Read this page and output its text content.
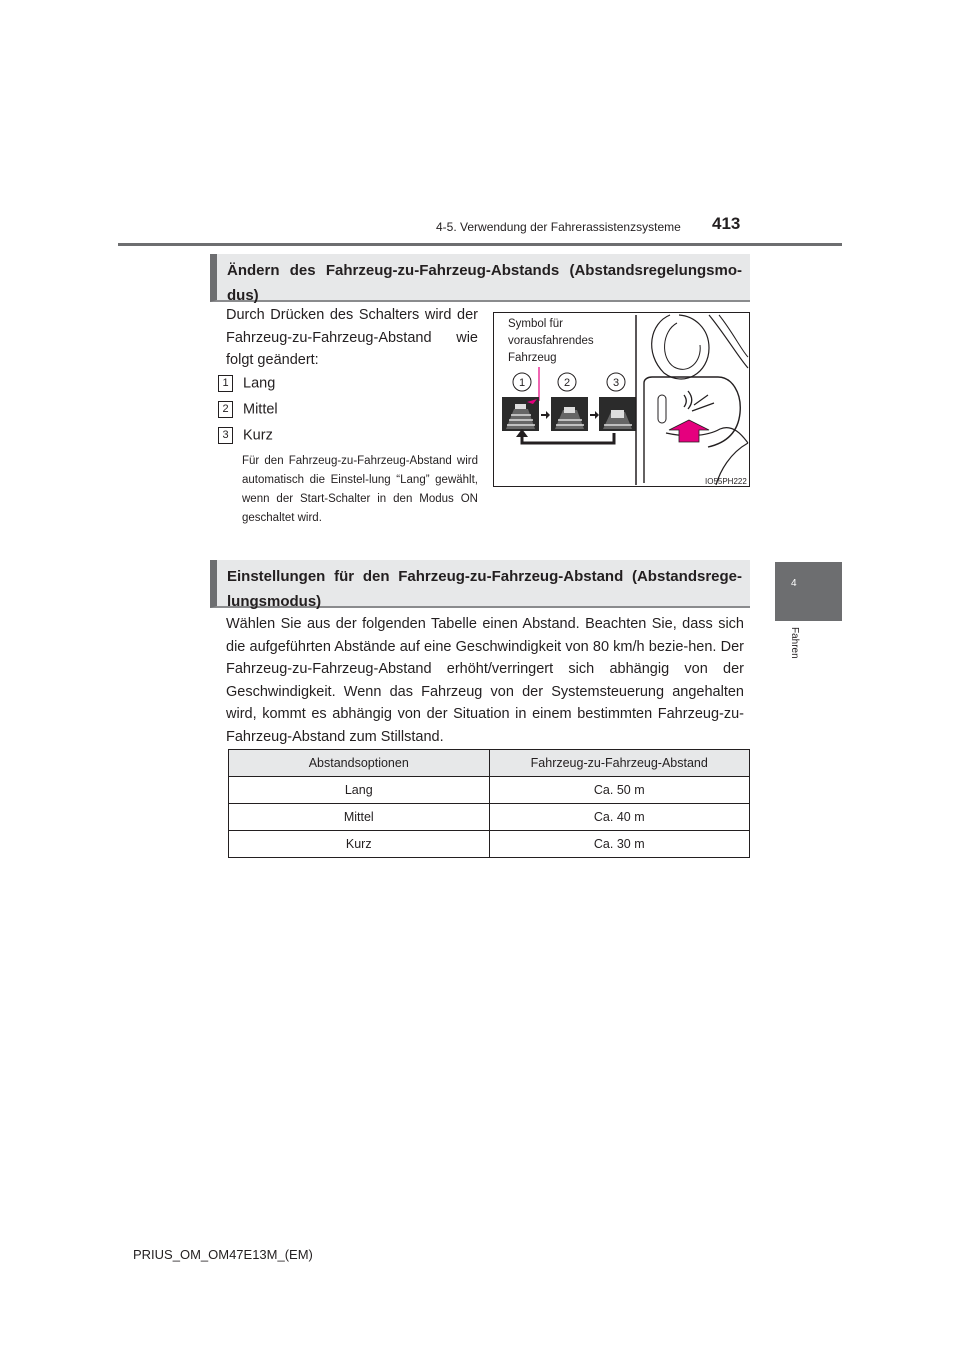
4-5. Verwendung der Fahrerassistenzsysteme 413
4
Fahren
Ändern des Fahrzeug-zu-Fahrzeug-Abstands (Abstandsregelungsmo-dus)
Durch Drücken des Schalters wird der Fahrzeug-zu-Fahrzeug-Abstand wie folgt geändert:
1 Lang
2 Mittel
3 Kurz
Für den Fahrzeug-zu-Fahrzeug-Abstand wird automatisch die Einstel-lung “Lang” gewählt, wenn der Start-Schalter in den Modus ON geschaltet wird.
Symbol für
vorausfahrendes
Fahrzeug
1	2	3
IO55PH222
Einstellungen für den Fahrzeug-zu-Fahrzeug-Abstand (Abstandsrege-lungsmodus)
Wählen Sie aus der folgenden Tabelle einen Abstand. Beachten Sie, dass sich die aufgeführten Abstände auf eine Geschwindigkeit von 80 km/h bezie-hen. Der Fahrzeug-zu-Fahrzeug-Abstand erhöht/verringert sich abhängig von der Geschwindigkeit. Wenn das Fahrzeug von der Systemsteuerung angehalten wird, kommt es abhängig von der Situation in einem bestimmten Fahrzeug-zu-Fahrzeug-Abstand zum Stillstand.
Abstandsoptionen	Fahrzeug-zu-Fahrzeug-Abstand
Lang	Ca. 50 m
Mittel	Ca. 40 m
Kurz	Ca. 30 m
PRIUS_OM_OM47E13M_(EM)
